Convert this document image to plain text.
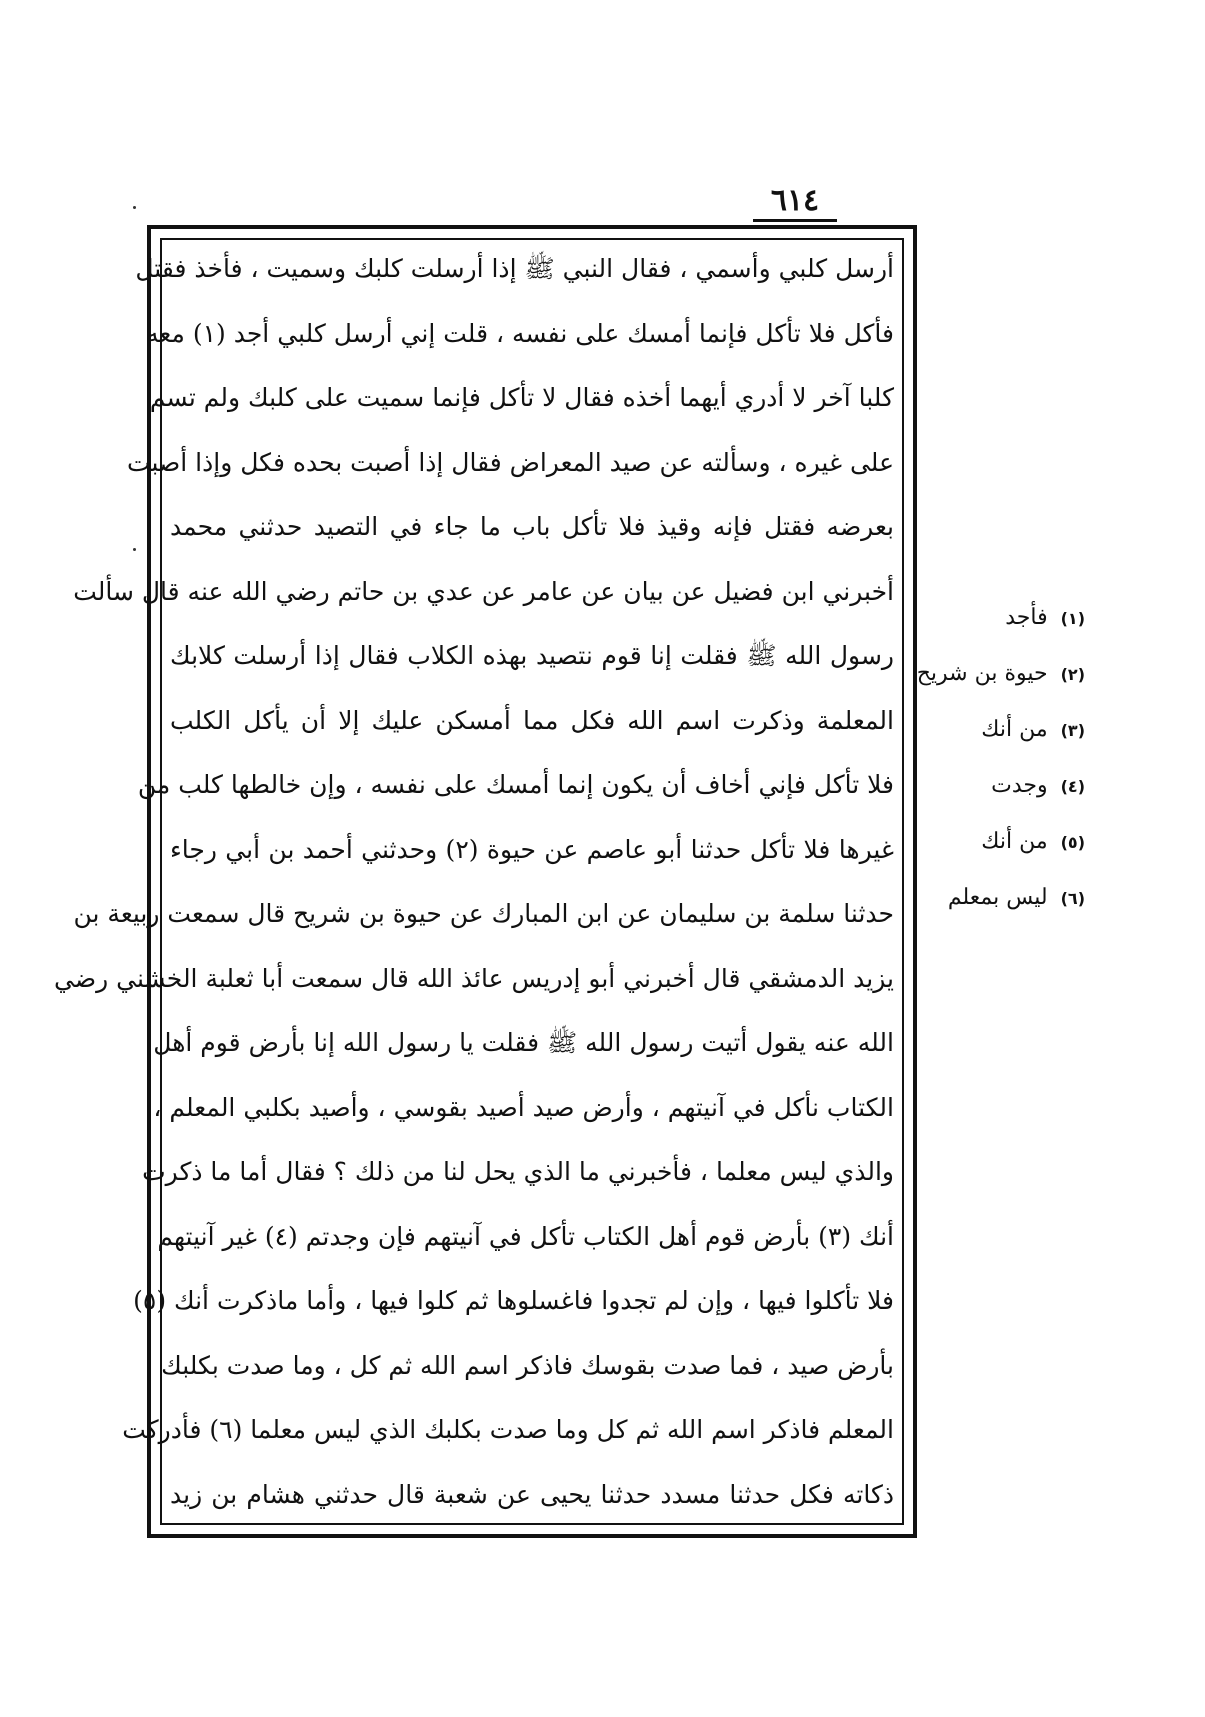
٦١٤
أرسل كلبي وأسمي ، فقال النبي ﷺ إذا أرسلت كلبك وسميت ، فأخذ فقتل
فأكل فلا تأكل فإنما أمسك على نفسه ، قلت إني أرسل كلبي أجد (١) معه
كلبا آخر لا أدري أيهما أخذه فقال لا تأكل فإنما سميت على كلبك ولم تسم
على غيره ، وسألته عن صيد المعراض فقال إذا أصبت بحده فكل وإذا أصبت
بعرضه فقتل فإنه وقيذ فلا تأكل باب ما جاء في التصيد حدثني محمد
أخبرني ابن فضيل عن بيان عن عامر عن عدي بن حاتم رضي الله عنه قال سألت
رسول الله ﷺ فقلت إنا قوم نتصيد بهذه الكلاب فقال إذا أرسلت كلابك
المعلمة وذكرت اسم الله فكل مما أمسكن عليك إلا أن يأكل الكلب
فلا تأكل فإني أخاف أن يكون إنما أمسك على نفسه ، وإن خالطها كلب من
غيرها فلا تأكل حدثنا أبو عاصم عن حيوة (٢) وحدثني أحمد بن أبي رجاء
حدثنا سلمة بن سليمان عن ابن المبارك عن حيوة بن شريح قال سمعت ربيعة بن
يزيد الدمشقي قال أخبرني أبو إدريس عائذ الله قال سمعت أبا ثعلبة الخشني رضي
الله عنه يقول أتيت رسول الله ﷺ فقلت يا رسول الله إنا بأرض قوم أهل
الكتاب نأكل في آنيتهم ، وأرض صيد أصيد بقوسي ، وأصيد بكلبي المعلم ،
والذي ليس معلما ، فأخبرني ما الذي يحل لنا من ذلك ؟ فقال أما ما ذكرت
أنك (٣) بأرض قوم أهل الكتاب تأكل في آنيتهم فإن وجدتم (٤) غير آنيتهم
فلا تأكلوا فيها ، وإن لم تجدوا فاغسلوها ثم كلوا فيها ، وأما ماذكرت أنك (٥)
بأرض صيد ، فما صدت بقوسك فاذكر اسم الله ثم كل ، وما صدت بكلبك
المعلم فاذكر اسم الله ثم كل وما صدت بكلبك الذي ليس معلما (٦) فأدركت
ذكاته فكل حدثنا مسدد حدثنا يحيى عن شعبة قال حدثني هشام بن زيد
(١) فأجد
(٢) حيوة بن شريح
(٣) من أنك
(٤) وجدت
(٥) من أنك
(٦) ليس بمعلم
